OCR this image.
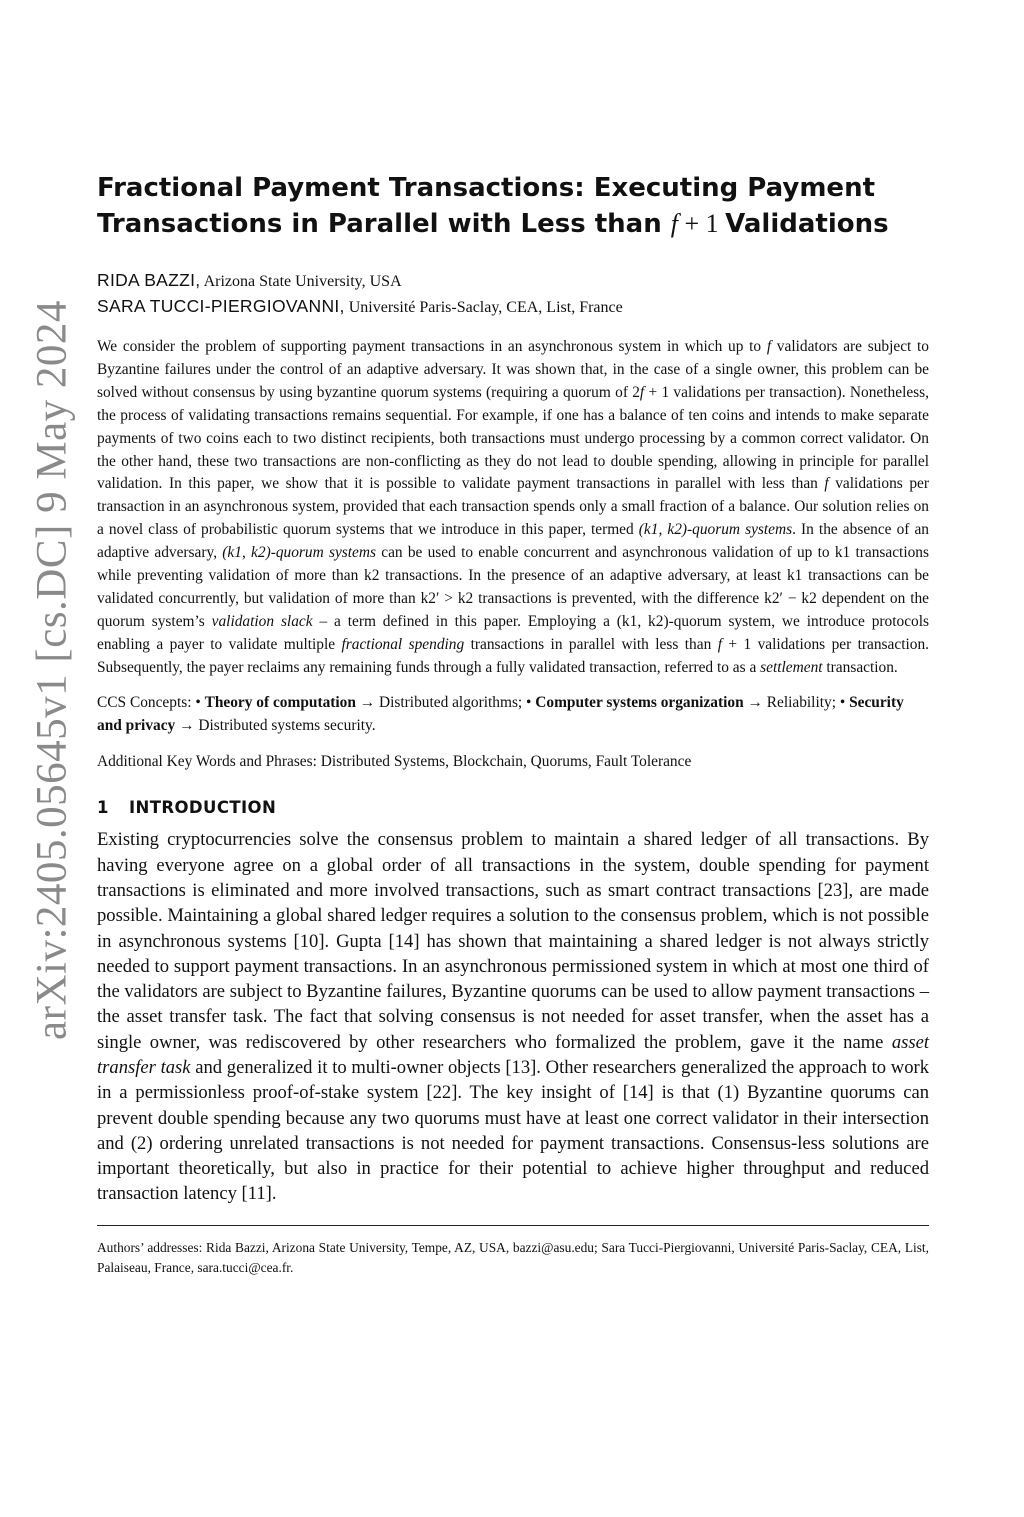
arXiv:2405.05645v1 [cs.DC] 9 May 2024
Fractional Payment Transactions: Executing Payment
Transactions in Parallel with Less than f + 1 Validations
RIDA BAZZI, Arizona State University, USA
SARA TUCCI-PIERGIOVANNI, Université Paris-Saclay, CEA, List, France

We consider the problem of supporting payment transactions in an asynchronous system in which up to f validators are subject to Byzantine failures under the control of an adaptive adversary. It was shown that, in the case of a single owner, this problem can be solved without consensus by using byzantine quorum systems (requiring a quorum of 2f + 1 validations per transaction). Nonetheless, the process of validating transactions remains sequential. For example, if one has a balance of ten coins and intends to make separate payments of two coins each to two distinct recipients, both transactions must undergo processing by a common correct validator. On the other hand, these two transactions are non-conflicting as they do not lead to double spending, allowing in principle for parallel validation. In this paper, we show that it is possible to validate payment transactions in parallel with less than f validations per transaction in an asynchronous system, provided that each transaction spends only a small fraction of a balance. Our solution relies on a novel class of probabilistic quorum systems that we introduce in this paper, termed (k1, k2)-quorum systems. In the absence of an adaptive adversary, (k1, k2)-quorum systems can be used to enable concurrent and asynchronous validation of up to k1 transactions while preventing validation of more than k2 transactions. In the presence of an adaptive adversary, at least k1 transactions can be validated concurrently, but validation of more than k2′ > k2 transactions is prevented, with the difference k2′ − k2 dependent on the quorum system’s validation slack – a term defined in this paper. Employing a (k1, k2)-quorum system, we introduce protocols enabling a payer to validate multiple fractional spending transactions in parallel with less than f + 1 validations per transaction. Subsequently, the payer reclaims any remaining funds through a fully validated transaction, referred to as a settlement transaction.

CCS Concepts: • Theory of computation → Distributed algorithms; • Computer systems organization → Reliability; • Security and privacy → Distributed systems security.

Additional Key Words and Phrases: Distributed Systems, Blockchain, Quorums, Fault Tolerance

1 INTRODUCTION

Existing cryptocurrencies solve the consensus problem to maintain a shared ledger of all transactions. By having everyone agree on a global order of all transactions in the system, double spending for payment transactions is eliminated and more involved transactions, such as smart contract transactions [23], are made possible. Maintaining a global shared ledger requires a solution to the consensus problem, which is not possible in asynchronous systems [10]. Gupta [14] has shown that maintaining a shared ledger is not always strictly needed to support payment transactions. In an asynchronous permissioned system in which at most one third of the validators are subject to Byzantine failures, Byzantine quorums can be used to allow payment transactions – the asset transfer task. The fact that solving consensus is not needed for asset transfer, when the asset has a single owner, was rediscovered by other researchers who formalized the problem, gave it the name asset transfer task and generalized it to multi-owner objects [13]. Other researchers generalized the approach to work in a permissionless proof-of-stake system [22]. The key insight of [14] is that (1) Byzantine quorums can prevent double spending because any two quorums must have at least one correct validator in their intersection and (2) ordering unrelated transactions is not needed for payment transactions. Consensus-less solutions are important theoretically, but also in practice for their potential to achieve higher throughput and reduced transaction latency [11].

Authors’ addresses: Rida Bazzi, Arizona State University, Tempe, AZ, USA, bazzi@asu.edu; Sara Tucci-Piergiovanni, Université Paris-Saclay, CEA, List, Palaiseau, France, sara.tucci@cea.fr.
